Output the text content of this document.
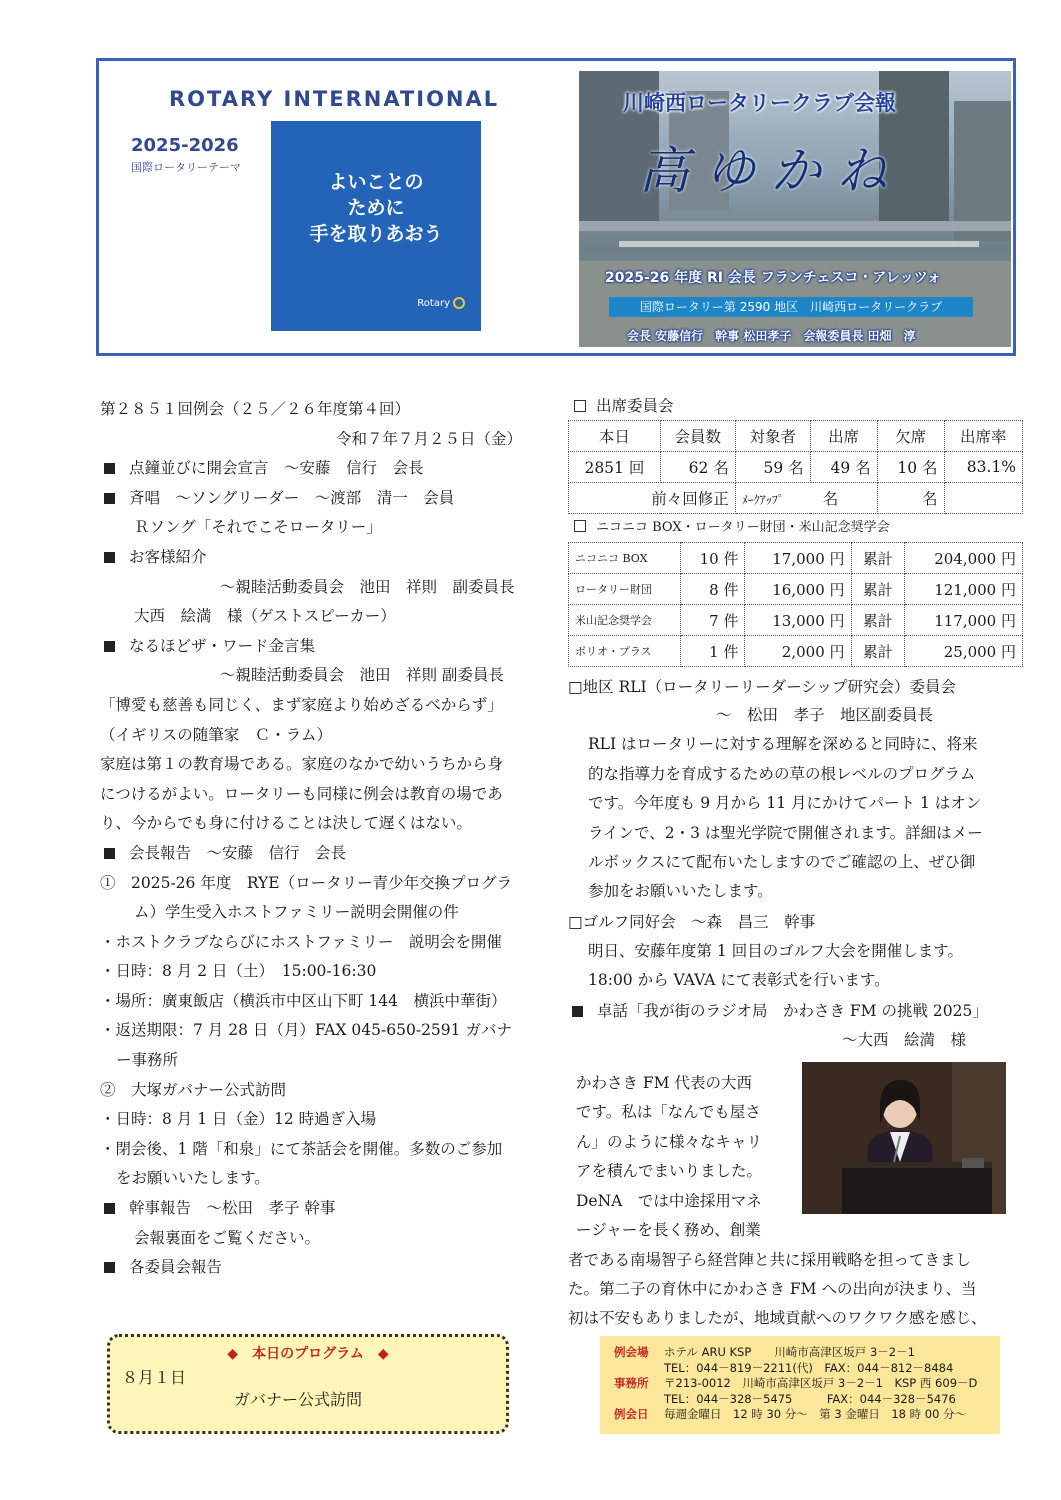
ROTARY INTERNATIONAL
2025-2026
国際ロータリーテーマ
よいことの
ために
手を取りあおう
Rotary
川崎西ロータリークラブ会報
高ゆかね
2025-26 年度 RI 会長 フランチェスコ・アレッツォ
国際ロータリー第 2590 地区　川崎西ロータリークラブ
会長 安藤信行　幹事 松田孝子　会報委員長 田畑　淳
第２８５１回例会（２５／２６年度第４回）
令和７年７月２５日（金）
点鐘並びに開会宣言　～安藤　信行　会長
斉唱　～ソングリーダー　～渡部　清一　会員
Ｒソング「それでこそロータリー」
お客様紹介
～親睦活動委員会　池田　祥則　副委員長
大西　絵満　様（ゲストスピーカー）
なるほどザ・ワード金言集
～親睦活動委員会　池田　祥則 副委員長
「博愛も慈善も同じく、まず家庭より始めざるべからず」
（イギリスの随筆家　Ｃ・ラム）
家庭は第１の教育場である。家庭のなかで幼いうちから身
につけるがよい。ロータリーも同様に例会は教育の場であ
り、今からでも身に付けることは決して遅くはない。
会長報告　～安藤　信行　会長
①　2025-26 年度　RYE（ロータリー青少年交換プログラ
ム）学生受入ホストファミリー説明会開催の件
・ホストクラブならびにホストファミリー　説明会を開催
・日時：8 月 2 日（土）　15:00-16:30
・場所：廣東飯店（横浜市中区山下町 144　横浜中華街）
・返送期限：7 月 28 日（月）FAX 045-650-2591 ガバナ
ー事務所
②　大塚ガバナー公式訪問
・日時：8 月 1 日（金）12 時過ぎ入場
・閉会後、1 階「和泉」にて茶話会を開催。多数のご参加
をお願いいたします。
幹事報告　～松田　孝子 幹事
会報裏面をご覧ください。
各委員会報告
出席委員会
本日	会員数	対象者	出席	欠席	出席率
2851 回	62 名	59 名	49 名	10 名	83.1%
前々回修正		ﾒｰｸｱｯﾌﾟ 名		名	
ニコニコ BOX・ロータリー財団・米山記念奨学会
ニコニコ BOX	10 件	17,000 円	累計	204,000 円
ロータリー財団	8 件	16,000 円	累計	121,000 円
米山記念奨学会	7 件	13,000 円	累計	117,000 円
ポリオ・プラス	1 件	2,000 円	累計	25,000 円
□地区 RLI（ロータリーリーダーシップ研究会）委員会
～　松田　孝子　地区副委員長
RLI はロータリーに対する理解を深めると同時に、将来
的な指導力を育成するための草の根レベルのプログラム
です。今年度も 9 月から 11 月にかけてパート 1 はオン
ラインで、2・3 は聖光学院で開催されます。詳細はメー
ルボックスにて配布いたしますのでご確認の上、ぜひ御
参加をお願いいたします。
□ゴルフ同好会　～森　昌三　幹事
明日、安藤年度第 1 回目のゴルフ大会を開催します。
18:00 から VAVA にて表彰式を行います。
卓話「我が街のラジオ局　かわさき FM の挑戦 2025」
～大西　絵満　様
かわさき FM 代表の大西
です。私は「なんでも屋さ
ん」のように様々なキャリ
アを積んでまいりました。
DeNA　では中途採用マネ
ージャーを長く務め、創業
者である南場智子ら経営陣と共に採用戦略を担ってきまし
た。第二子の育休中にかわさき FM への出向が決まり、当
初は不安もありましたが、地域貢献へのワクワク感を感じ、
◆　本日のプログラム　◆
８月１日
ガバナー公式訪問
例会場 ホテル ARU KSP　　川崎市高津区坂戸 3－2－1
TEL：044－819－2211(代)　FAX：044－812－8484
事務所 〒213-0012　川崎市高津区坂戸 3－2－1　KSP 西 609－D
TEL：044－328－5475　　　FAX：044－328－5476
例会日 毎週金曜日　12 時 30 分～　第 3 金曜日　18 時 00 分～
